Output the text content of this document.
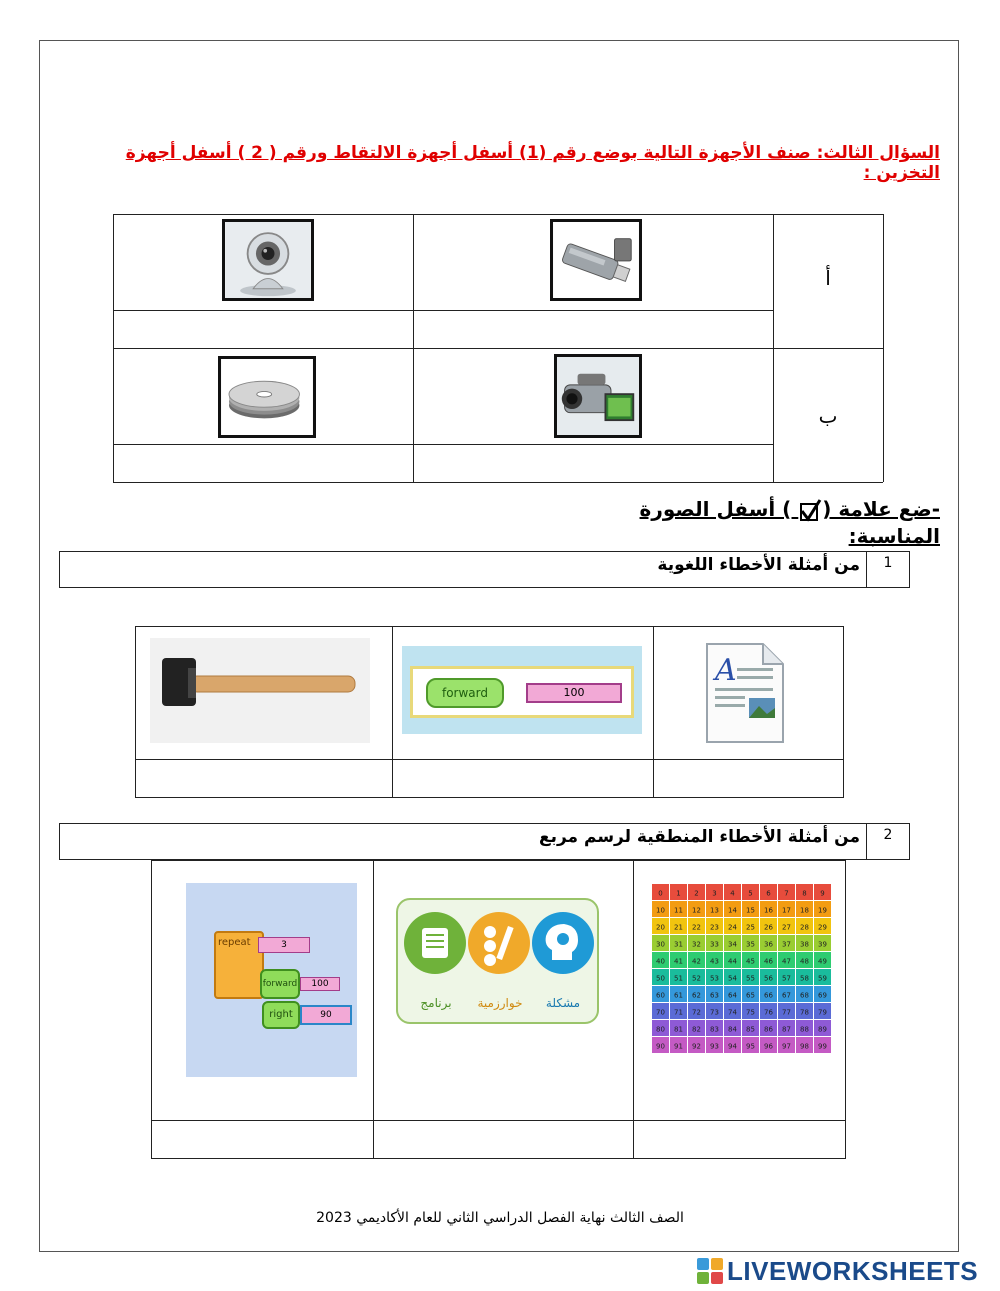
السؤال الثالث: صنف الأجهزة التالية بوضع رقم (1) أسفل أجهزة الالتقاط ورقم ( 2 ) أسفل أجهزة التخزين :
أ
ب
-ضع علامة ( ) أسفل الصورة المناسبة:
1
من أمثلة الأخطاء اللغوية
forward	100
A
2
من أمثلة الأخطاء المنطقية لرسم مربع
repeat	3
forward	100
right	90
برنامج	خوارزمية	مشكلة
0 1 2 3 4 5 6 7 8 9
10 11 12 13 14 15 16 17 18 19
20 21 22 23 24 25 26 27 28 29
30 31 32 33 34 35 36 37 38 39
40 41 42 43 44 45 46 47 48 49
50 51 52 53 54 55 56 57 58 59
60 61 62 63 64 65 66 67 68 69
70 71 72 73 74 75 76 77 78 79
80 81 82 83 84 85 86 87 88 89
90 91 92 93 94 95 96 97 98 99
الصف الثالث نهاية الفصل الدراسي الثاني للعام الأكاديمي 2023
LIVEWORKSHEETS
